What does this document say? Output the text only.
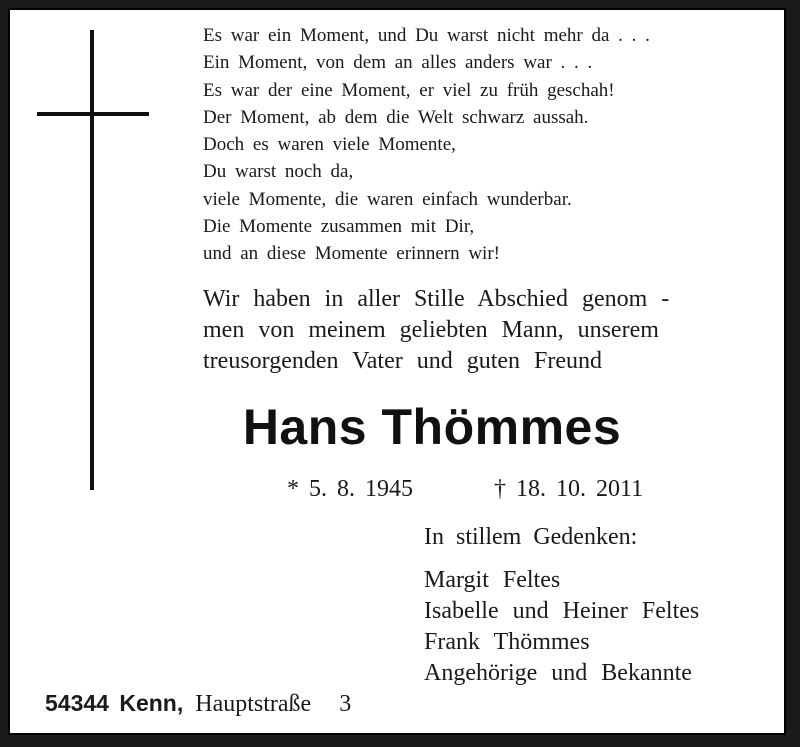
Es war ein Moment, und Du warst nicht mehr da . . .
Ein Moment, von dem an alles anders war . . .
Es war der eine Moment, er viel zu früh geschah!
Der Moment, ab dem die Welt schwarz aussah.
Doch es waren viele Momente,
Du warst noch da,
viele Momente, die waren einfach wunderbar.
Die Momente zusammen mit Dir,
und an diese Momente erinnern wir!
Wir haben in aller Stille Abschied genom -
men von meinem geliebten Mann, unserem
treusorgenden Vater und guten Freund
Hans Thömmes
* 5. 8. 1945	† 18. 10. 2011
In stillem Gedenken:
Margit Feltes
Isabelle und Heiner Feltes
Frank Thömmes
Angehörige und Bekannte
54344 Kenn, Hauptstraße 3
